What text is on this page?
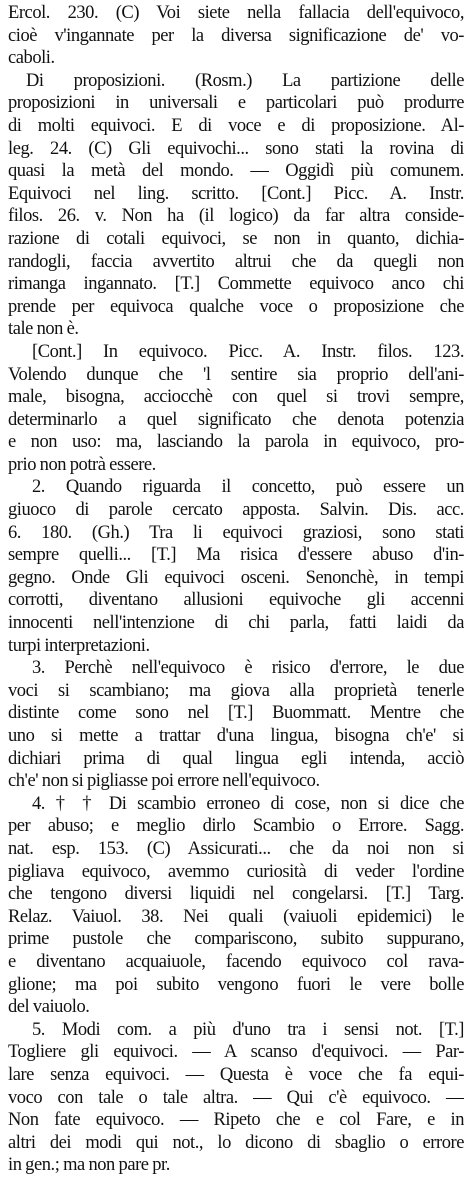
Ercol. 230. (C) Voi siete nella fallacia dell'equivoco,
cioè v'ingannate per la diversa significazione de' vo-
caboli.
Di proposizioni. (Rosm.) La partizione delle
proposizioni in universali e particolari può produrre
di molti equivoci. E di voce e di proposizione. Al-
leg. 24. (C) Gli equivochi... sono stati la rovina di
quasi la metà del mondo. — Oggidì più comunem.
Equivoci nel ling. scritto. [Cont.] Picc. A. Instr.
filos. 26. v. Non ha (il logico) da far altra conside-
razione di cotali equivoci, se non in quanto, dichia-
randogli, faccia avvertito altrui che da quegli non
rimanga ingannato. [T.] Commette equivoco anco chi
prende per equivoca qualche voce o proposizione che
tale non è.
[Cont.] In equivoco. Picc. A. Instr. filos. 123.
Volendo dunque che 'l sentire sia proprio dell'ani-
male, bisogna, acciocchè con quel si trovi sempre,
determinarlo a quel significato che denota potenzia
e non uso: ma, lasciando la parola in equivoco, pro-
prio non potrà essere.
2. Quando riguarda il concetto, può essere un
giuoco di parole cercato apposta. Salvin. Dis. acc.
6. 180. (Gh.) Tra li equivoci graziosi, sono stati
sempre quelli... [T.] Ma risica d'essere abuso d'in-
gegno. Onde Gli equivoci osceni. Senonchè, in tempi
corrotti, diventano allusioni equivoche gli accenni
innocenti nell'intenzione di chi parla, fatti laidi da
turpi interpretazioni.
3. Perchè nell'equivoco è risico d'errore, le due
voci si scambiano; ma giova alla proprietà tenerle
distinte come sono nel [T.] Buommatt. Mentre che
uno si mette a trattar d'una lingua, bisogna ch'e' si
dichiari prima di qual lingua egli intenda, acciò
ch'e' non si pigliasse poi errore nell'equivoco.
4. † † Di scambio erroneo di cose, non si dice che
per abuso; e meglio dirlo Scambio o Errore. Sagg.
nat. esp. 153. (C) Assicurati... che da noi non si
pigliava equivoco, avemmo curiosità di veder l'ordine
che tengono diversi liquidi nel congelarsi. [T.] Targ.
Relaz. Vaiuol. 38. Nei quali (vaiuoli epidemici) le
prime pustole che compariscono, subito suppurano,
e diventano acquaiuole, facendo equivoco col rava-
glione; ma poi subito vengono fuori le vere bolle
del vaiuolo.
5. Modi com. a più d'uno tra i sensi not. [T.]
Togliere gli equivoci. — A scanso d'equivoci. — Par-
lare senza equivoci. — Questa è voce che fa equi-
voco con tale o tale altra. — Qui c'è equivoco. —
Non fate equivoco. — Ripeto che e col Fare, e in
altri dei modi qui not., lo dicono di sbaglio o errore
in gen.; ma non pare pr.
